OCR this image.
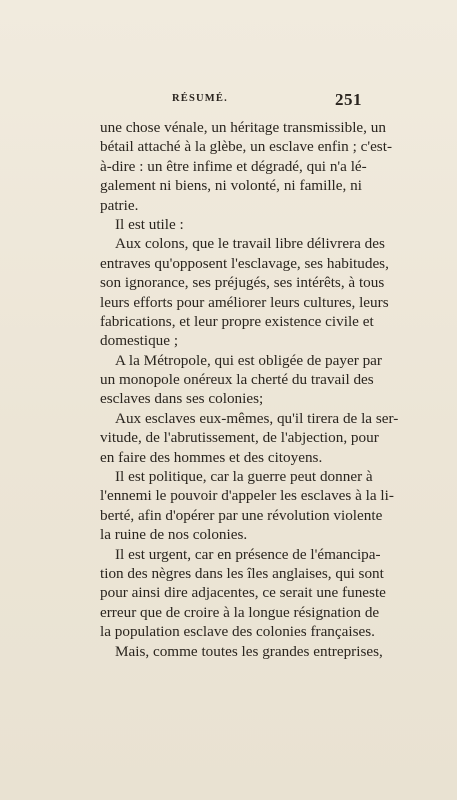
RÉSUMÉ.	251
une chose vénale, un héritage transmissible, un
bétail attaché à la glèbe, un esclave enfin ; c'est-
à-dire : un être infime et dégradé, qui n'a lé-
galement ni biens, ni volonté, ni famille, ni
patrie.
Il est utile :
Aux colons, que le travail libre délivrera des
entraves qu'opposent l'esclavage, ses habitudes,
son ignorance, ses préjugés, ses intérêts, à tous
leurs efforts pour améliorer leurs cultures, leurs
fabrications, et leur propre existence civile et
domestique ;
A la Métropole, qui est obligée de payer par
un monopole onéreux la cherté du travail des
esclaves dans ses colonies;
Aux esclaves eux-mêmes, qu'il tirera de la ser-
vitude, de l'abrutissement, de l'abjection, pour
en faire des hommes et des citoyens.
Il est politique, car la guerre peut donner à
l'ennemi le pouvoir d'appeler les esclaves à la li-
berté, afin d'opérer par une révolution violente
la ruine de nos colonies.
Il est urgent, car en présence de l'émancipa-
tion des nègres dans les îles anglaises, qui sont
pour ainsi dire adjacentes, ce serait une funeste
erreur que de croire à la longue résignation de
la population esclave des colonies françaises.
Mais, comme toutes les grandes entreprises,
